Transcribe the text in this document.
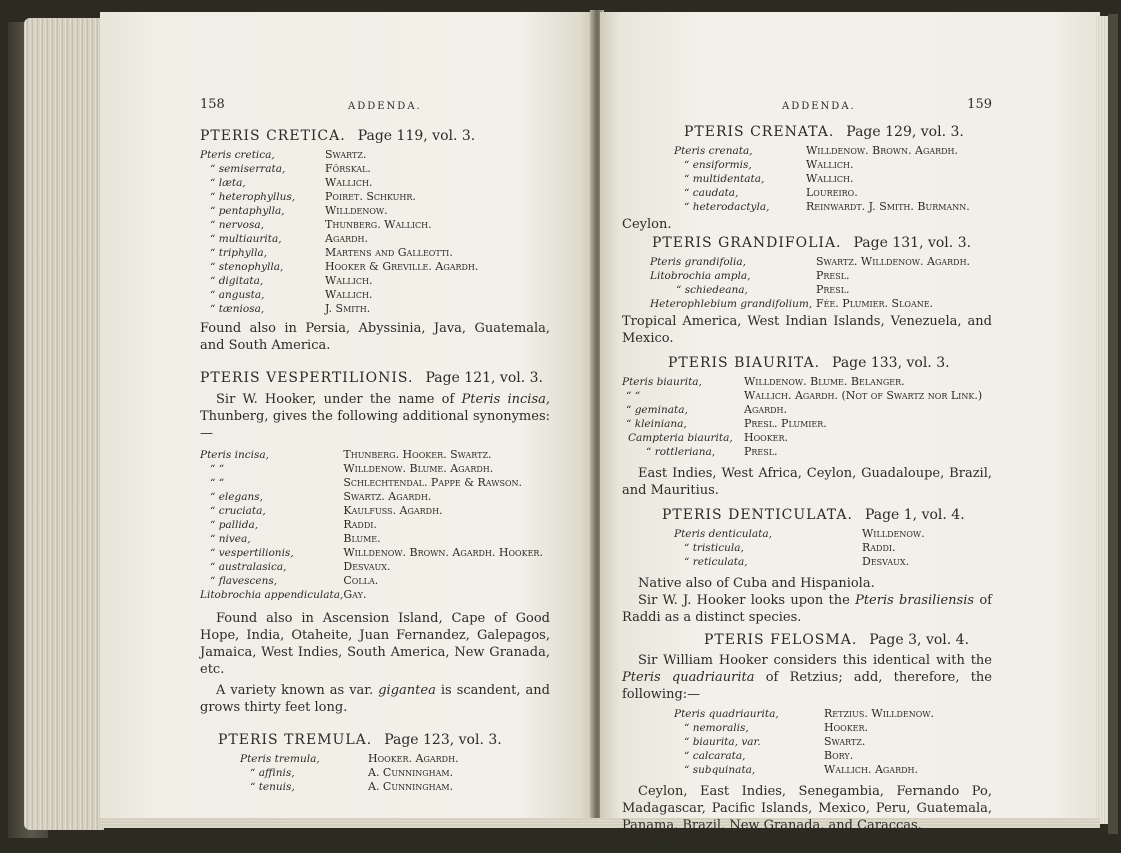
158	ADDENDA.
PTERIS CRETICA. Page 119, vol. 3.
Pteris cretica,	Swartz.
“ semiserrata,	Förskal.
“ læta,	Wallich.
“ heterophyllus,	Poiret. Schkuhr.
“ pentaphylla,	Willdenow.
“ nervosa,	Thunberg. Wallich.
“ multiaurita,	Agardh.
“ triphylla,	Martens and Galleotti.
“ stenophylla,	Hooker & Greville. Agardh.
“ digitata,	Wallich.
“ angusta,	Wallich.
“ tæniosa,	J. Smith.

Found also in Persia, Abyssinia, Java, Guatemala, and South America.

PTERIS VESPERTILIONIS. Page 121, vol. 3.

Sir W. Hooker, under the name of Pteris incisa, Thunberg, gives the following additional synonymes:—

Pteris incisa,	Thunberg. Hooker. Swartz.
“ “	Willdenow. Blume. Agardh.
“ “	Schlechtendal. Pappe & Rawson.
“ elegans,	Swartz. Agardh.
“ cruciata,	Kaulfuss. Agardh.
“ pallida,	Raddi.
“ nivea,	Blume.
“ vespertilionis,	Willdenow. Brown. Agardh. Hooker.
“ australasica,	Desvaux.
“ flavescens,	Colla.
Litobrochia appendiculata,	Gay.

Found also in Ascension Island, Cape of Good Hope, India, Otaheite, Juan Fernandez, Galepagos, Jamaica, West Indies, South America, New Granada, etc.

A variety known as var. gigantea is scandent, and grows thirty feet long.

PTERIS TREMULA. Page 123, vol. 3.
Pteris tremula,	Hooker. Agardh.
“ affinis,	A. Cunningham.
“ tenuis,	A. Cunningham.
ADDENDA.	159
PTERIS CRENATA. Page 129, vol. 3.
Pteris crenata,	Willdenow. Brown. Agardh.
“ ensiformis,	Wallich.
“ multidentata,	Wallich.
“ caudata,	Loureiro.
“ heterodactyla,	Reinwardt. J. Smith. Burmann.

Ceylon.

PTERIS GRANDIFOLIA. Page 131, vol. 3.
Pteris grandifolia,	Swartz. Willdenow. Agardh.
Litobrochia ampla,	Presl.
“ schiedeana,	Presl.
Heterophlebium grandifolium,	Fée. Plumier. Sloane.

Tropical America, West Indian Islands, Venezuela, and Mexico.

PTERIS BIAURITA. Page 133, vol. 3.
Pteris biaurita,	Willdenow. Blume. Belanger.
“ “	Wallich. Agardh. (Not of Swartz nor Link.)
“ geminata,	Agardh.
“ kleiniana,	Presl. Plumier.
Campteria biaurita,	Hooker.
“ rottleriana,	Presl.

East Indies, West Africa, Ceylon, Guadaloupe, Brazil, and Mauritius.

PTERIS DENTICULATA. Page 1, vol. 4.
Pteris denticulata,	Willdenow.
“ tristicula,	Raddi.
“ reticulata,	Desvaux.

Native also of Cuba and Hispaniola.

Sir W. J. Hooker looks upon the Pteris brasiliensis of Raddi as a distinct species.

PTERIS FELOSMA. Page 3, vol. 4.

Sir William Hooker considers this identical with the Pteris quadriaurita of Retzius; add, therefore, the following:—

Pteris quadriaurita,	Retzius. Willdenow.
“ nemoralis,	Hooker.
“ biaurita, var.	Swartz.
“ calcarata,	Bory.
“ subquinata,	Wallich. Agardh.

Ceylon, East Indies, Senegambia, Fernando Po, Madagascar, Pacific Islands, Mexico, Peru, Guatemala, Panama, Brazil, New Granada, and Caraccas.

VOL. IV.	Z
